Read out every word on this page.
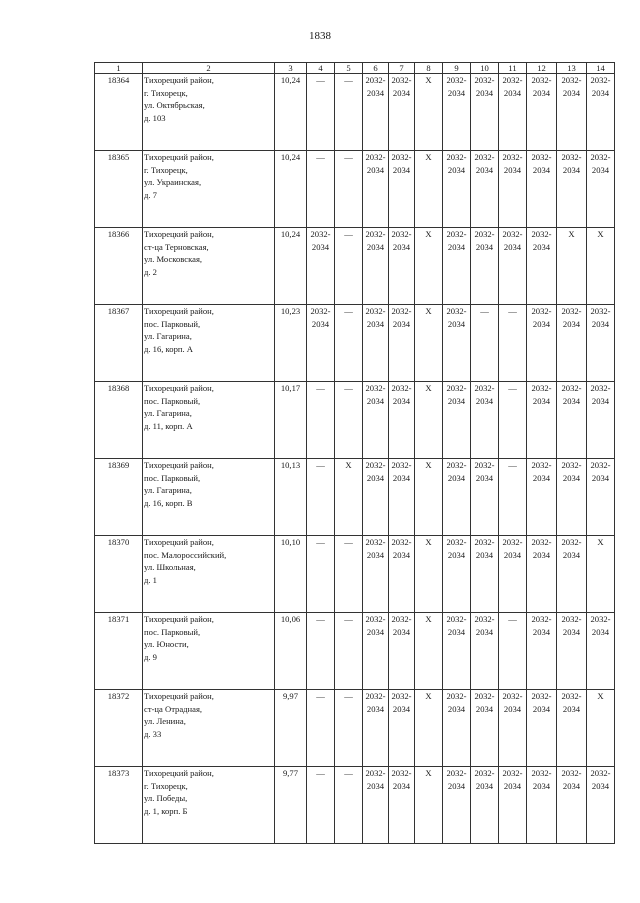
1838
1	2	3	4	5	6	7	8	9	10	11	12	13	14
18364	Тихорецкий район,
г. Тихорецк,
ул. Октябрьская,
д. 103	10,24	—	—	2032-
2034	2032-
2034	X	2032-
2034	2032-
2034	2032-
2034	2032-
2034	2032-
2034	2032-
2034

18365	Тихорецкий район,
г. Тихорецк,
ул. Украинская,
д. 7	10,24	—	—	2032-
2034	2032-
2034	X	2032-
2034	2032-
2034	2032-
2034	2032-
2034	2032-
2034	2032-
2034

18366	Тихорецкий район,
ст-ца Терновская,
ул. Московская,
д. 2	10,24	2032-
2034	—	2032-
2034	2032-
2034	X	2032-
2034	2032-
2034	2032-
2034	2032-
2034	X	X
18367	Тихорецкий район,
пос. Парковый,
ул. Гагарина,
д. 16, корп. А	10,23	2032-
2034	—	2032-
2034	2032-
2034	X	2032-
2034	—	—	2032-
2034	2032-
2034	2032-
2034

18368	Тихорецкий район,
пос. Парковый,
ул. Гагарина,
д. 11, корп. А	10,17	—	—	2032-
2034	2032-
2034	X	2032-
2034	2032-
2034	—	2032-
2034	2032-
2034	2032-
2034

18369	Тихорецкий район,
пос. Парковый,
ул. Гагарина,
д. 16, корп. В	10,13	—	X	2032-
2034	2032-
2034	X	2032-
2034	2032-
2034	—	2032-
2034	2032-
2034	2032-
2034

18370	Тихорецкий район,
пос. Малороссийский,
ул. Школьная,
д. 1	10,10	—	—	2032-
2034	2032-
2034	X	2032-
2034	2032-
2034	2032-
2034	2032-
2034	2032-
2034	X
18371	Тихорецкий район,
пос. Парковый,
ул. Юности,
д. 9	10,06	—	—	2032-
2034	2032-
2034	X	2032-
2034	2032-
2034	—	2032-
2034	2032-
2034	2032-
2034

18372	Тихорецкий район,
ст-ца Отрадная,
ул. Ленина,
д. 33	9,97	—	—	2032-
2034	2032-
2034	X	2032-
2034	2032-
2034	2032-
2034	2032-
2034	2032-
2034	X
18373	Тихорецкий район,
г. Тихорецк,
ул. Победы,
д. 1, корп. Б	9,77	—	—	2032-
2034	2032-
2034	X	2032-
2034	2032-
2034	2032-
2034	2032-
2034	2032-
2034	2032-
2034
